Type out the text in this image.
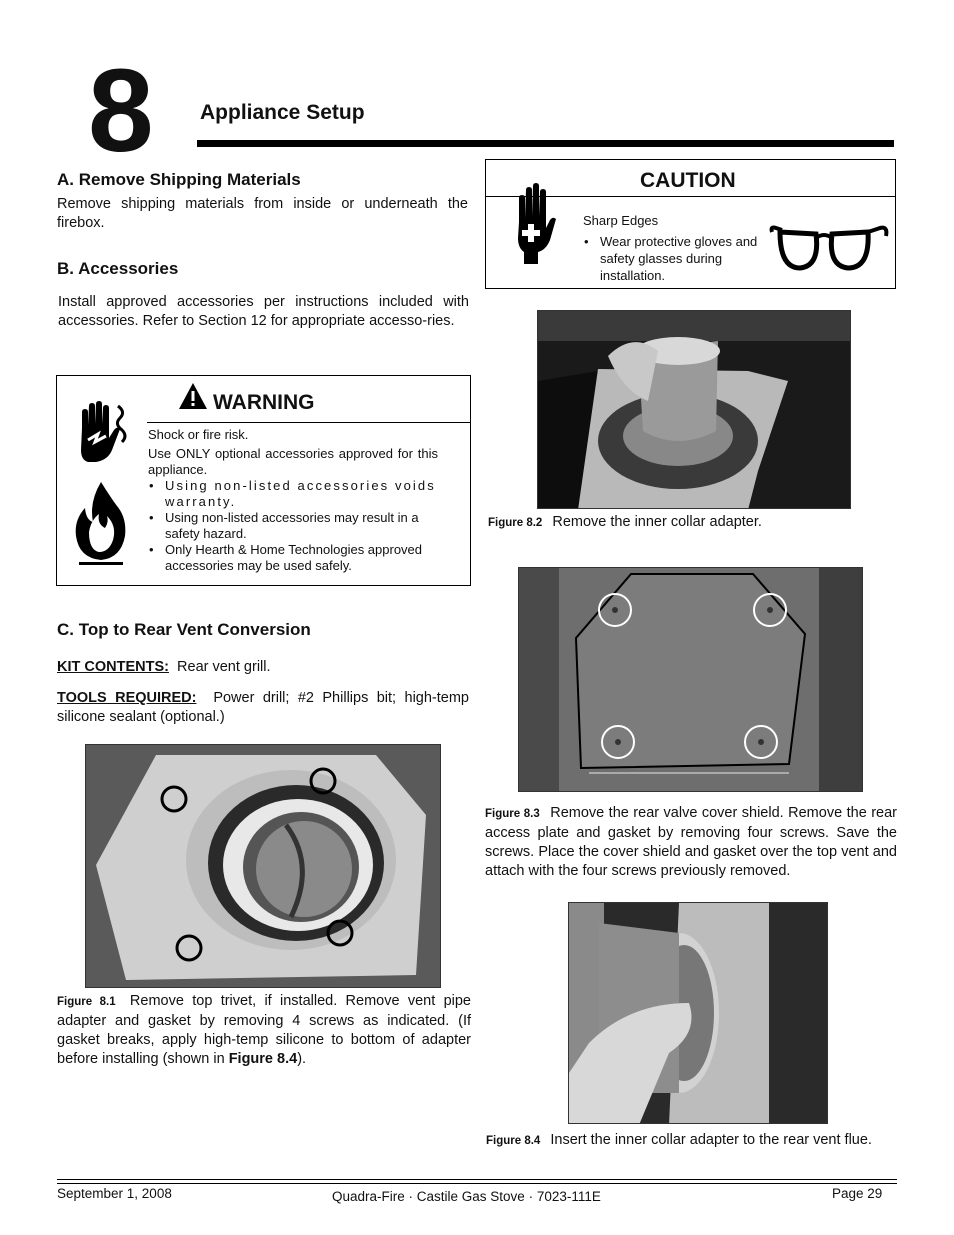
8 Appliance Setup
A. Remove Shipping Materials
Remove shipping materials from inside or underneath the firebox.
B. Accessories
Install approved accessories per instructions included with accessories. Refer to Section 12 for appropriate accesso-ries.
WARNING
Shock or fire risk.
Use ONLY optional accessories approved for this appliance.
• Using non-listed accessories voids warranty.
• Using non-listed accessories may result in a safety hazard.
• Only Hearth & Home Technologies approved accessories may be used safely.
C. Top to Rear Vent Conversion
KIT CONTENTS: Rear vent grill.
TOOLS REQUIRED: Power drill; #2 Phillips bit; high-temp silicone sealant (optional.)
Figure 8.1 Remove top trivet, if installed. Remove vent pipe adapter and gasket by removing 4 screws as indicated. (If gasket breaks, apply high-temp silicone to bottom of adapter before installing (shown in Figure 8.4).
CAUTION
Sharp Edges
• Wear protective gloves and safety glasses during installation.
Figure 8.2 Remove the inner collar adapter.
Figure 8.3 Remove the rear valve cover shield. Remove the rear access plate and gasket by removing four screws. Save the screws. Place the cover shield and gasket over the top vent and attach with the four screws previously removed.
Figure 8.4 Insert the inner collar adapter to the rear vent flue.
September 1, 2008	Quadra-Fire · Castile Gas Stove · 7023-111E	Page 29
